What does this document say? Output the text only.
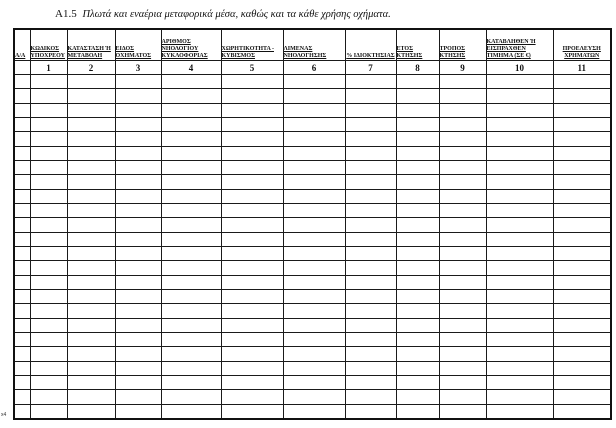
Α1.5 Πλωτά και εναέρια μεταφορικά μέσα, καθώς και τα κάθε χρήσης οχήματα.
Α/Α	ΚΩΔΙΚΟΣ ΥΠΟΧΡΕΟΥ	ΚΑΤΑΣΤΑΣΗ Ή ΜΕΤΑΒΟΛΗ	ΕΙΔΟΣ ΟΧΗΜΑΤΟΣ	ΑΡΙΘΜΟΣ ΝΗΟΛΟΓΙΟΥ ΚΥΚΛΟΦΟΡΙΑΣ	ΧΩΡΗΤΙΚΟΤΗΤΑ - ΚΥΒΙΣΜΟΣ	ΛΙΜΕΝΑΣ ΝΗΟΛΟΓΗΣΗΣ	% ΙΔΙΟΚΤΗΣΙΑΣ	ΕΤΟΣ ΚΤΗΣΗΣ	ΤΡΟΠΟΣ ΚΤΗΣΗΣ	ΚΑΤΑΒΛΗΘΕΝ Ή ΕΙΣΠΡΑΧΘΕΝ ΤΙΜΗΜΑ (ΣΕ €)	ΠΡΟΕΛΕΥΣΗ ΧΡΗΜΑΤΩΝ

	1	2	3	4	5	6	7	8	9	10	11

x4
